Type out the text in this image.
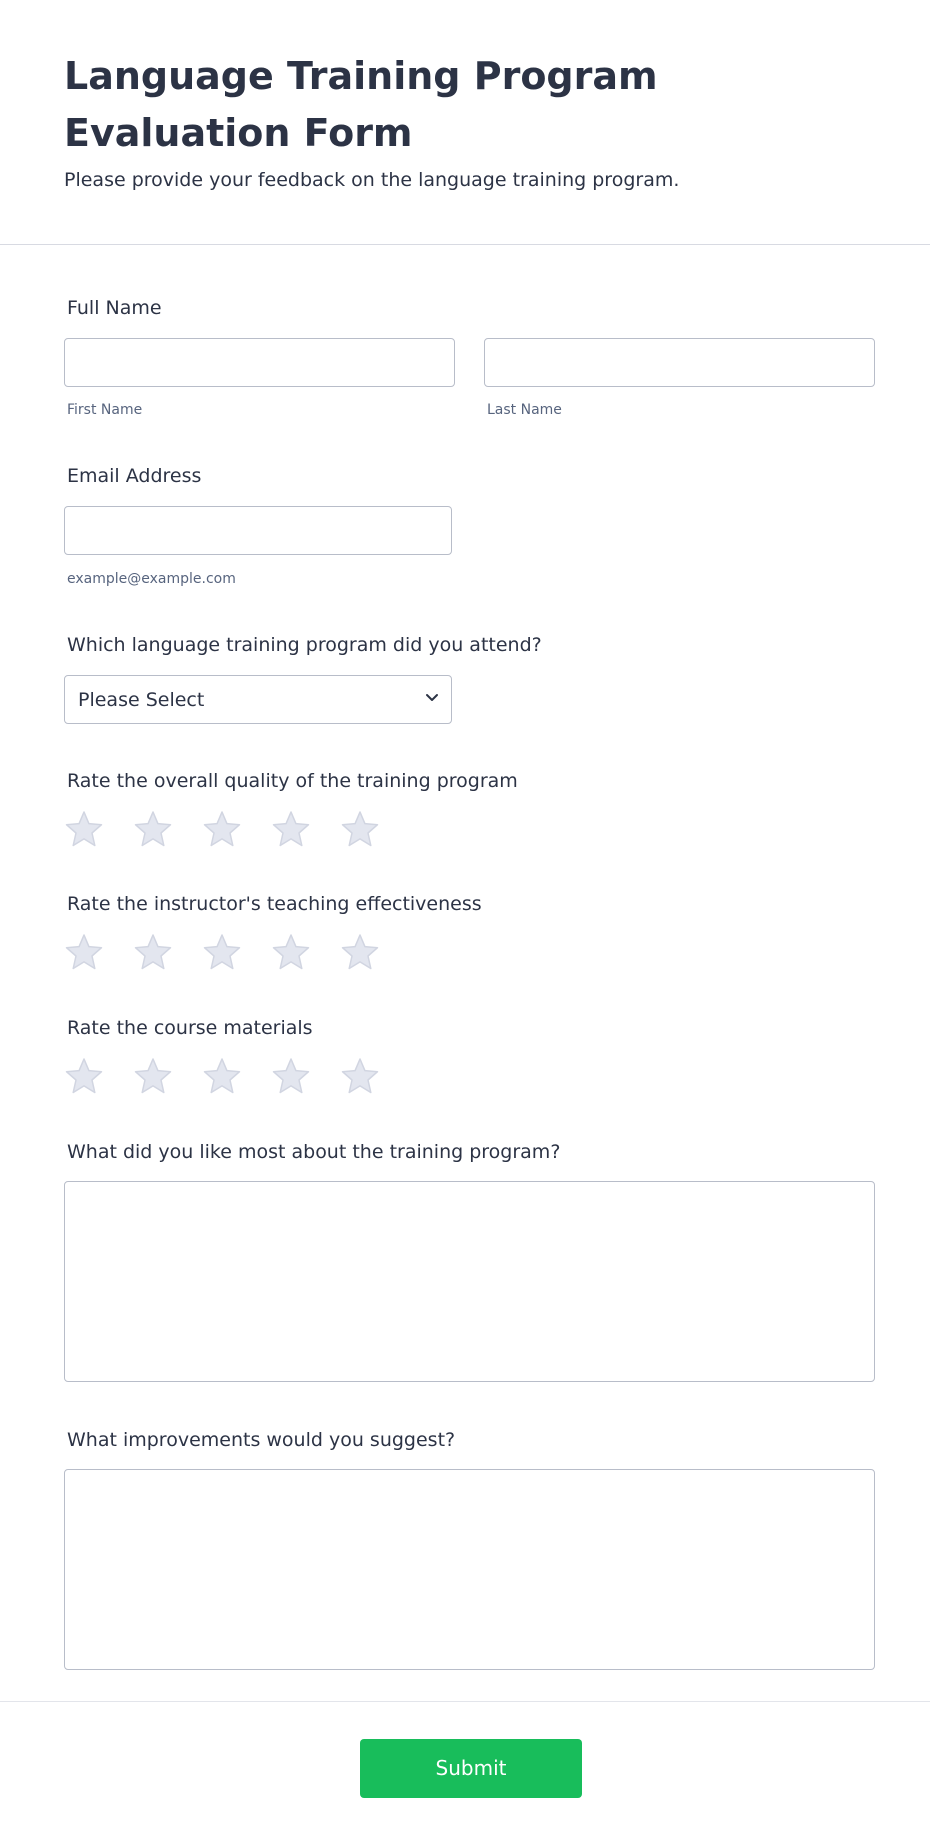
Language Training Program Evaluation Form

Please provide your feedback on the language training program.

Full Name
First Name	Last Name
Email Address
example@example.com
Which language training program did you attend?
Please Select
Rate the overall quality of the training program
Rate the instructor's teaching effectiveness
Rate the course materials
What did you like most about the training program?
What improvements would you suggest?
Submit
